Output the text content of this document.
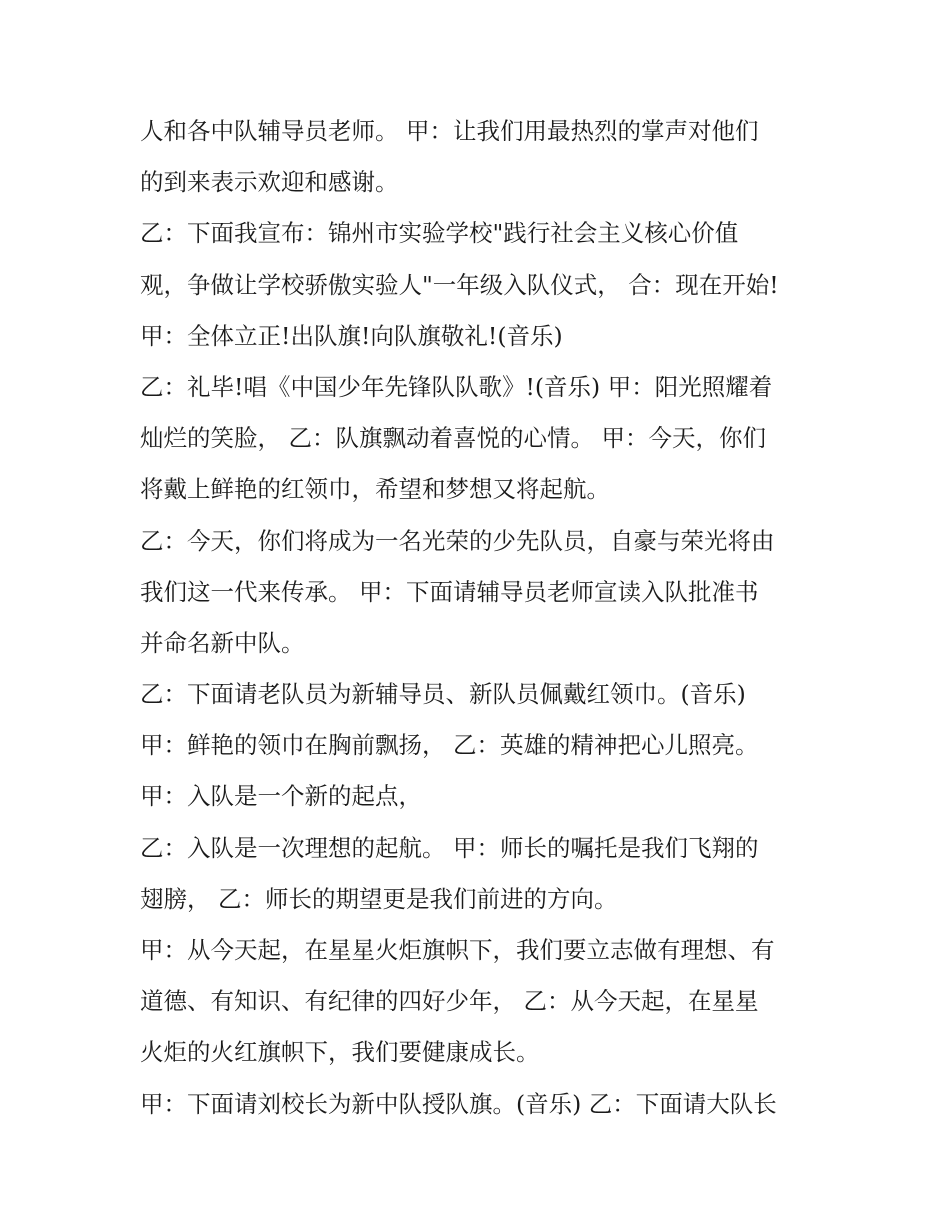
人和各中队辅导员老师。 甲：让我们用最热烈的掌声对他们
的到来表示欢迎和感谢。
乙：下面我宣布：锦州市实验学校"践行社会主义核心价值
观，争做让学校骄傲实验人"一年级入队仪式， 合：现在开始!
甲：全体立正!出队旗!向队旗敬礼!(音乐)
乙：礼毕!唱《中国少年先锋队队歌》!(音乐) 甲：阳光照耀着
灿烂的笑脸， 乙：队旗飘动着喜悦的心情。 甲：今天，你们
将戴上鲜艳的红领巾，希望和梦想又将起航。
乙：今天，你们将成为一名光荣的少先队员，自豪与荣光将由
我们这一代来传承。 甲：下面请辅导员老师宣读入队批准书
并命名新中队。
乙：下面请老队员为新辅导员、新队员佩戴红领巾。(音乐)
甲：鲜艳的领巾在胸前飘扬， 乙：英雄的精神把心儿照亮。
甲：入队是一个新的起点，
乙：入队是一次理想的起航。 甲：师长的嘱托是我们飞翔的
翅膀， 乙：师长的期望更是我们前进的方向。
甲：从今天起，在星星火炬旗帜下，我们要立志做有理想、有
道德、有知识、有纪律的四好少年， 乙：从今天起，在星星
火炬的火红旗帜下，我们要健康成长。
甲：下面请刘校长为新中队授队旗。(音乐) 乙：下面请大队长
